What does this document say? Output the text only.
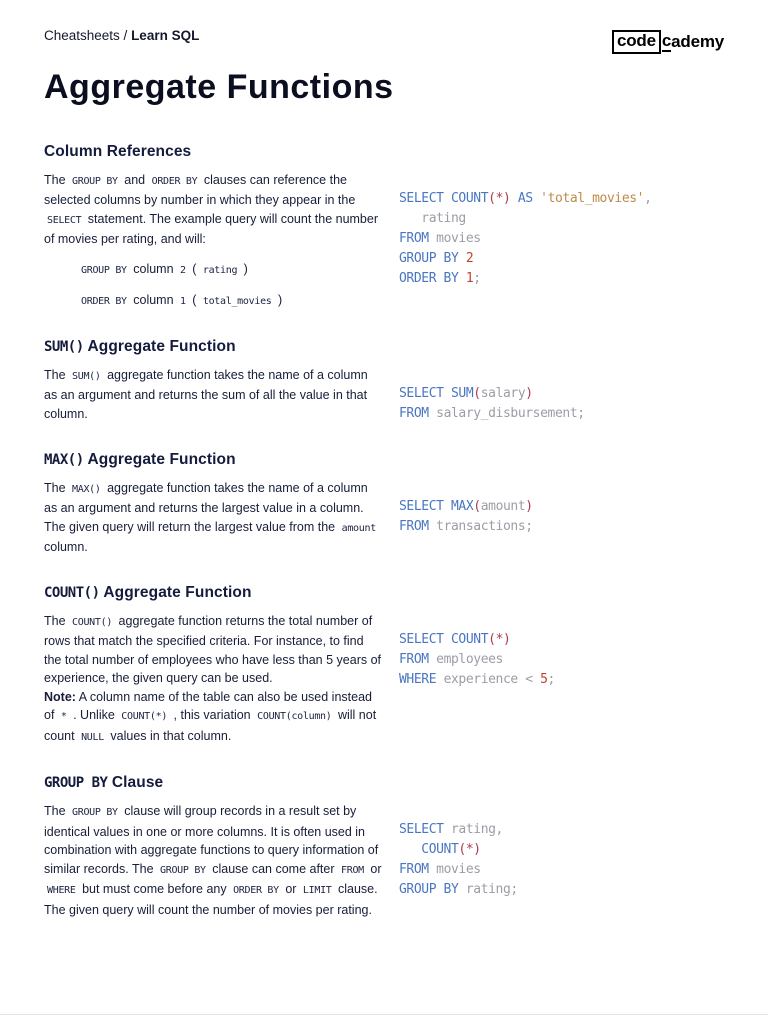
Cheatsheets / Learn SQL	code c ademy
Aggregate Functions
Column References

The GROUP BY and ORDER BY clauses can reference the selected columns by number in which they appear in the SELECT statement. The example query will count the number of movies per rating, and will:

GROUP BY column 2 ( rating )
ORDER BY column 1 ( total_movies )
SELECT COUNT(*) AS 'total_movies',
rating
FROM movies
GROUP BY 2
ORDER BY 1;
SUM() Aggregate Function

The SUM() aggregate function takes the name of a column as an argument and returns the sum of all the value in that column.

SELECT SUM(salary)
FROM salary_disbursement;
MAX() Aggregate Function

The MAX() aggregate function takes the name of a column as an argument and returns the largest value in a column. The given query will return the largest value from the amount column.

SELECT MAX(amount)
FROM transactions;
COUNT() Aggregate Function

The COUNT() aggregate function returns the total number of rows that match the specified criteria. For instance, to find the total number of employees who have less than 5 years of experience, the given query can be used.

Note: A column name of the table can also be used instead of * . Unlike COUNT(*) , this variation COUNT(column) will not count NULL values in that column.

SELECT COUNT(*)
FROM employees
WHERE experience < 5;
GROUP BY Clause

The GROUP BY clause will group records in a result set by identical values in one or more columns. It is often used in combination with aggregate functions to query information of similar records. The GROUP BY clause can come after FROM or WHERE but must come before any ORDER BY or LIMIT clause.

The given query will count the number of movies per rating.

SELECT rating,
COUNT(*)
FROM movies
GROUP BY rating;
